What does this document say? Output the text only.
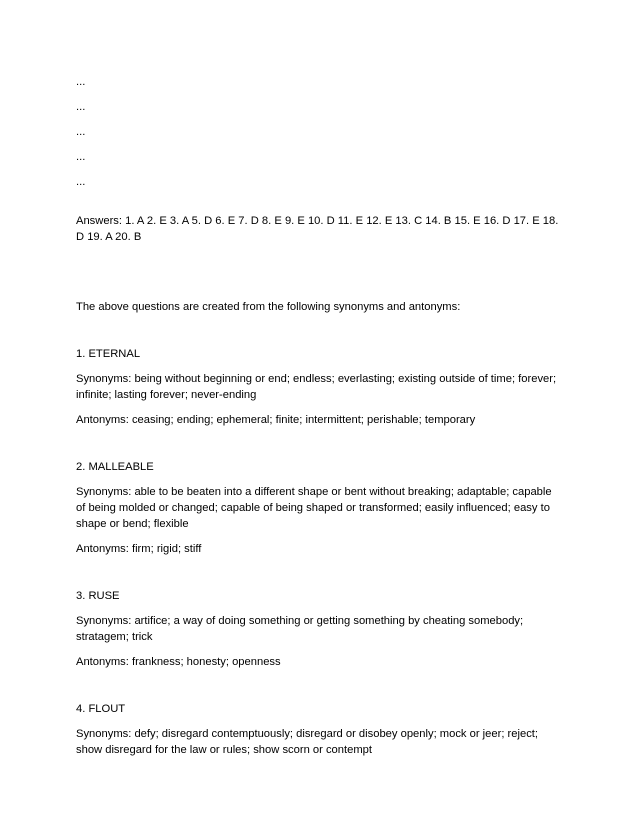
...

...

...

...

...

Answers: 1. A 2. E 3. A 5. D 6. E 7. D 8. E 9. E 10. D 11. E 12. E 13. C 14. B 15. E 16. D 17. E 18. D 19. A 20. B

The above questions are created from the following synonyms and antonyms:

1. ETERNAL

Synonyms: being without beginning or end; endless; everlasting; existing outside of time; forever; infinite; lasting forever; never-ending

Antonyms: ceasing; ending; ephemeral; finite; intermittent; perishable; temporary

2. MALLEABLE

Synonyms: able to be beaten into a different shape or bent without breaking; adaptable; capable of being molded or changed; capable of being shaped or transformed; easily influenced; easy to shape or bend; flexible

Antonyms: firm; rigid; stiff

3. RUSE

Synonyms: artifice; a way of doing something or getting something by cheating somebody; stratagem; trick

Antonyms: frankness; honesty; openness

4. FLOUT

Synonyms: defy; disregard contemptuously; disregard or disobey openly; mock or jeer; reject; show disregard for the law or rules; show scorn or contempt
